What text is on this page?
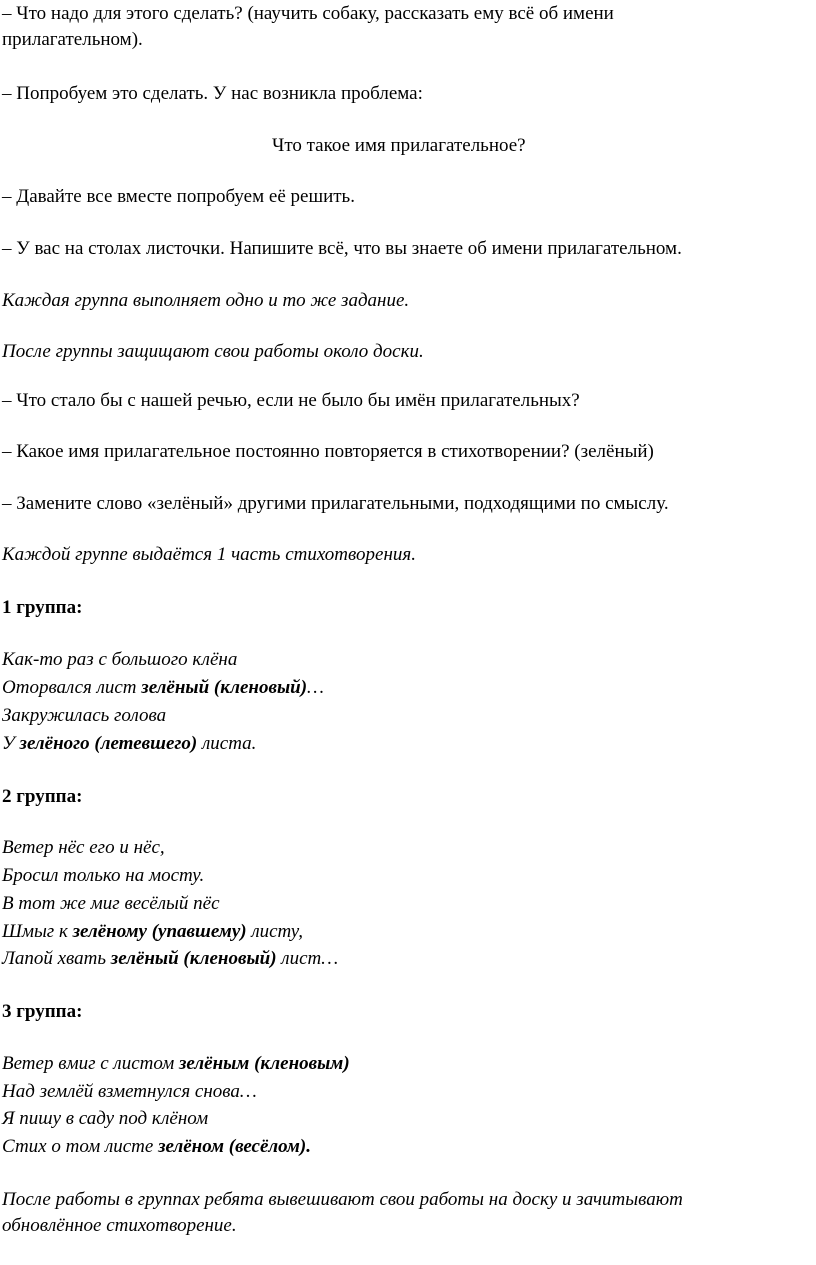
– Что надо для этого сделать? (научить собаку, рассказать ему всё об имени
прилагательном).
– Попробуем это сделать. У нас возникла проблема:
Что такое имя прилагательное?
– Давайте все вместе попробуем её решить.
– У вас на столах листочки. Напишите всё, что вы знаете об имени прилагательном.
Каждая группа выполняет одно и то же задание.
После группы защищают свои работы около доски.
– Что стало бы с нашей речью, если не было бы имён прилагательных?
– Какое имя прилагательное постоянно повторяется в стихотворении? (зелёный)
– Замените слово «зелёный» другими прилагательными, подходящими по смыслу.
Каждой группе выдаётся 1 часть стихотворения.
1 группа:
Как-то раз с большого клёна
Оторвался лист зелёный (кленовый)…
Закружилась голова
У зелёного (летевшего) листа.
2 группа:
Ветер нёс его и нёс,
Бросил только на мосту.
В тот же миг весёлый пёс
Шмыг к зелёному (упавшему) листу,
Лапой хвать зелёный (кленовый) лист…
3 группа:
Ветер вмиг с листом зелёным (кленовым)
Над землёй взметнулся снова…
Я пишу в саду под клёном
Стих о том листе зелёном (весёлом).
После работы в группах ребята вывешивают свои работы на доску и зачитывают
обновлённое стихотворение.
